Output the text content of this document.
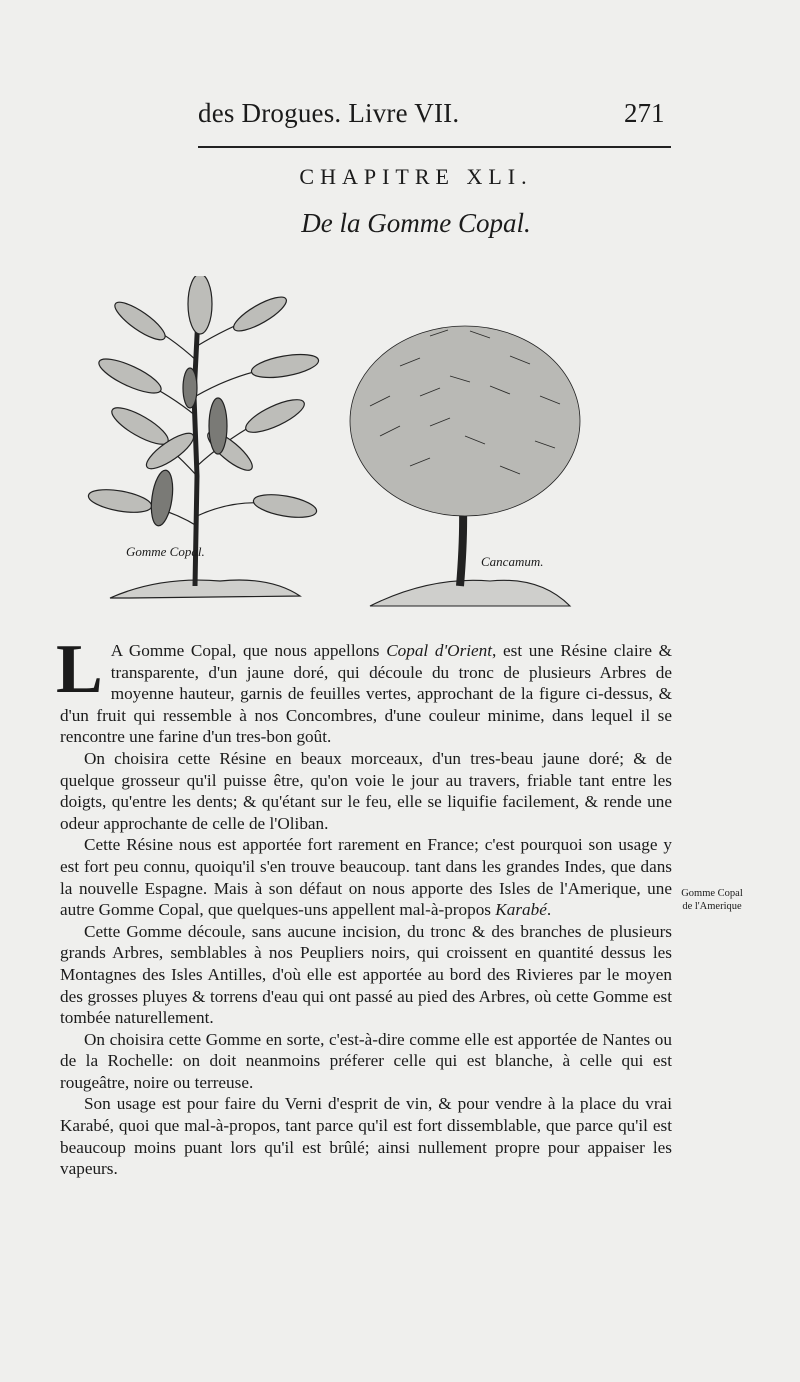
des Drogues. Livre VII.	271
CHAPITRE XLI.
De la Gomme Copal.
Gomme Copal.
Cancamum.

L A Gomme Copal, que nous appellons Copal d'Orient, est une Résine claire & transparente, d'un jaune doré, qui découle du tronc de plusieurs Arbres de moyenne hauteur, garnis de feuilles vertes, approchant de la figure ci-dessus, & d'un fruit qui ressemble à nos Concombres, d'une couleur minime, dans lequel il se rencontre une farine d'un tres-bon goût.

On choisira cette Résine en beaux morceaux, d'un tres-beau jaune doré; & de quelque grosseur qu'il puisse être, qu'on voie le jour au travers, friable tant entre les doigts, qu'entre les dents; & qu'étant sur le feu, elle se liquifie facilement, & rende une odeur approchante de celle de l'Oliban.

Cette Résine nous est apportée fort rarement en France; c'est pourquoi son usage y est fort peu connu, quoiqu'il s'en trouve beaucoup. tant dans les grandes Indes, que dans la nouvelle Espagne. Mais à son défaut on nous apporte des Isles de l'Amerique, une autre Gomme Copal, que quelques-uns appellent mal-à-propos Karabé.

Cette Gomme découle, sans aucune incision, du tronc & des branches de plusieurs grands Arbres, semblables à nos Peupliers noirs, qui croissent en quantité dessus les Montagnes des Isles Antilles, d'où elle est apportée au bord des Rivieres par le moyen des grosses pluyes & torrens d'eau qui ont passé au pied des Arbres, où cette Gomme est tombée naturellement.

On choisira cette Gomme en sorte, c'est-à-dire comme elle est apportée de Nantes ou de la Rochelle: on doit neanmoins préferer celle qui est blanche, à celle qui est rougeâtre, noire ou terreuse.

Son usage est pour faire du Verni d'esprit de vin, & pour vendre à la place du vrai Karabé, quoi que mal-à-propos, tant parce qu'il est fort dissemblable, que parce qu'il est beaucoup moins puant lors qu'il est brûlé; ainsi nullement propre pour appaiser les vapeurs.

Gomme Copal de l'Amerique
